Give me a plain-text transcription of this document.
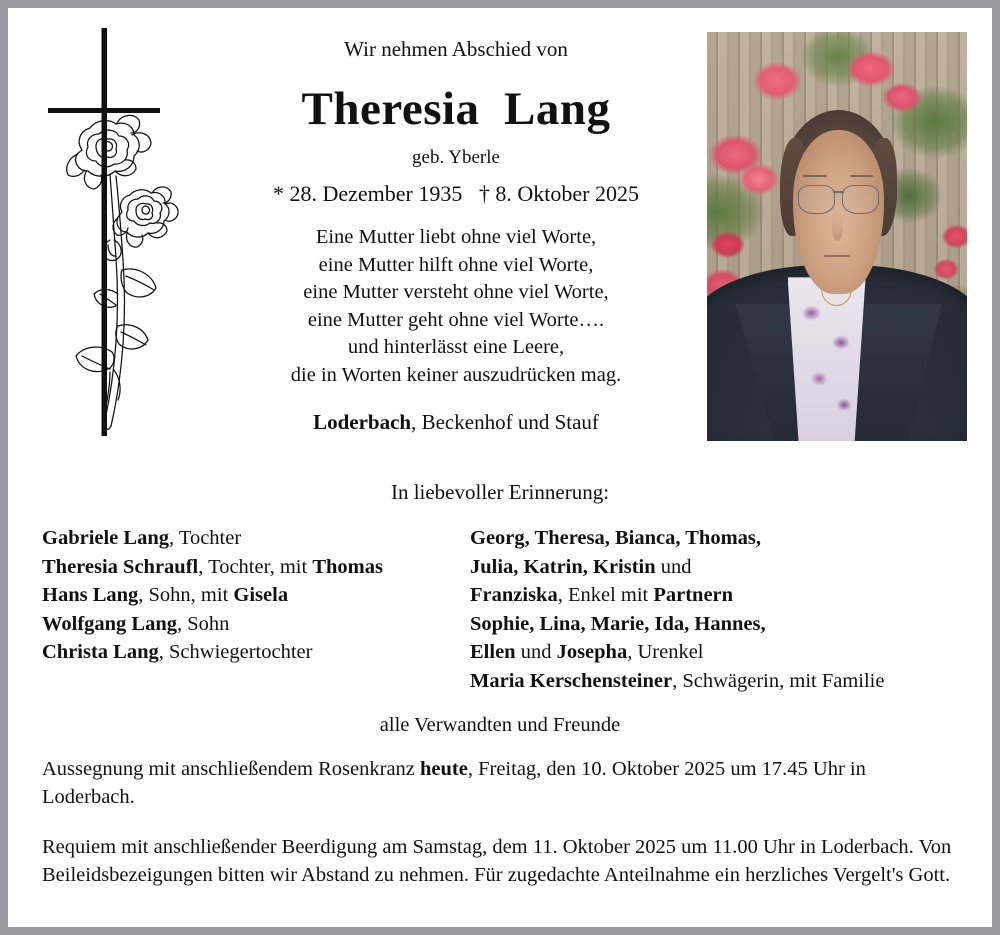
Wir nehmen Abschied von
Theresia  Lang
geb. Yberle
* 28. Dezember 1935   † 8. Oktober 2025
Eine Mutter liebt ohne viel Worte,
eine Mutter hilft ohne viel Worte,
eine Mutter versteht ohne viel Worte,
eine Mutter geht ohne viel Worte….
und hinterlässt eine Leere,
die in Worten keiner auszudrücken mag.
Loderbach, Beckenhof und Stauf
In liebevoller Erinnerung:
Gabriele Lang, Tochter
Theresia Schraufl, Tochter, mit Thomas
Hans Lang, Sohn, mit Gisela
Wolfgang Lang, Sohn
Christa Lang, Schwiegertochter
Georg, Theresa, Bianca, Thomas,
Julia, Katrin, Kristin und
Franziska, Enkel mit Partnern
Sophie, Lina, Marie, Ida, Hannes,
Ellen und Josepha, Urenkel
Maria Kerschensteiner, Schwägerin, mit Familie
alle Verwandten und Freunde

Aussegnung mit anschließendem Rosenkranz heute, Freitag, den 10. Oktober 2025 um 17.45 Uhr in Loderbach.

Requiem mit anschließender Beerdigung am Samstag, dem 11. Oktober 2025 um 11.00 Uhr in Loderbach. Von Beileidsbezeigungen bitten wir Abstand zu nehmen. Für zugedachte Anteilnahme ein herzliches Vergelt's Gott.
